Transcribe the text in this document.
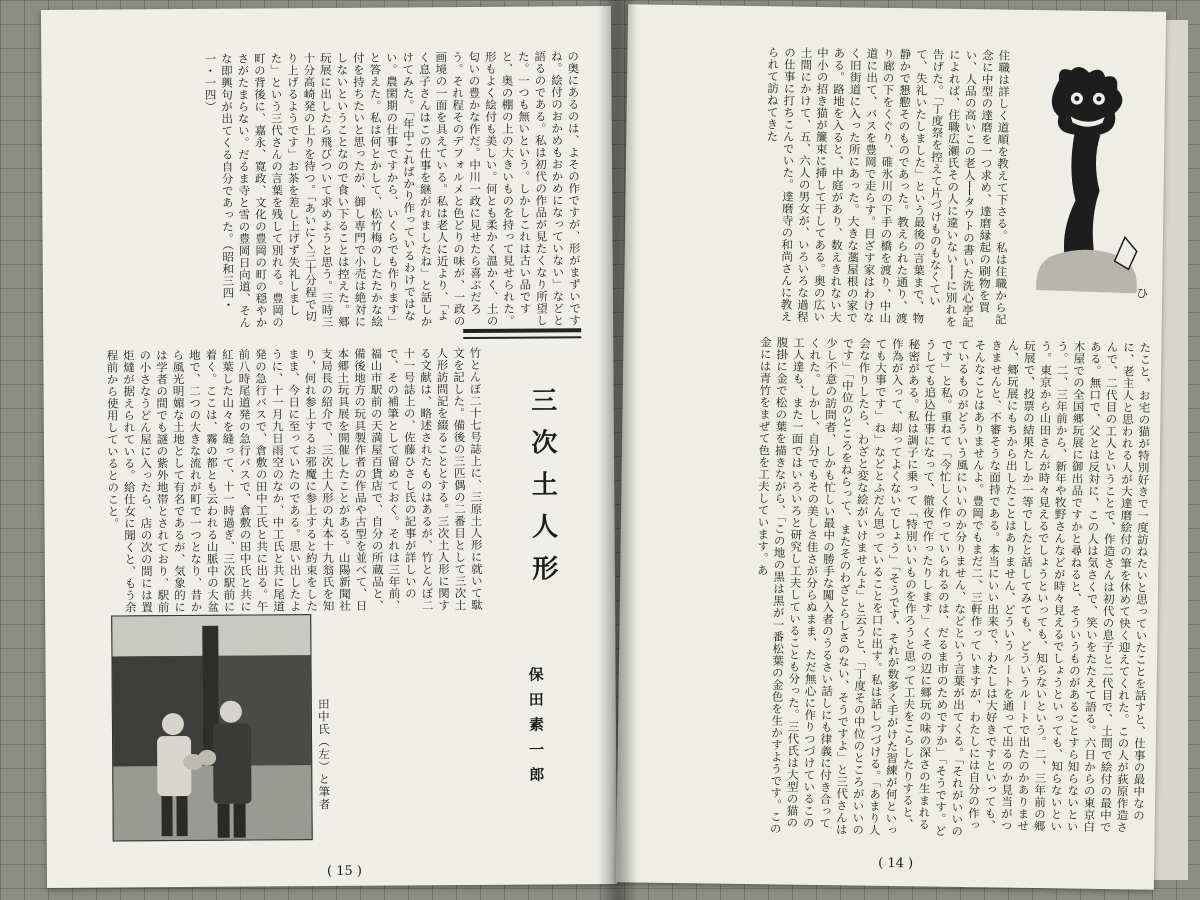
の奥にあるのは、よその作ですが、形がまずいですね。絵付のおかめもおかめになっていない」などと語るのである。私は初代の作品が見たくなり所望した。一つも無いという。しかしこれは古い品ですと、奥の棚の上の大きいものを持って見せられた。形もよく絵付も美しい。何とも柔かく温かく、土の匂いの豊かな作だ。中川一政に見せたら喜ぶだろう。それ程そのデフォルメと色どりの味が、一政の画境の一面を具えている。私は老人に近より、「よく息子さんはこの仕事を継がれましたね」と話しかけてみた。「年中こればかり作っているわけではない。農閑期の仕事ですから、いくらでも作ります」と答えた。私は何とかして、松竹梅のしたたかな絵付を持ちたいと思ったが、御し専門で小売は絶対にしないということなので食い下ることは控えた。郷玩展に出したら飛びついて求めようと思う。三時三十分高崎発の上りを待つ。「あいにく三十分程で切り上げるようです」お茶を差し上げず失礼しました」という三代さんの言葉を残して別れる。豊岡の町の背後に、嘉永、寛政、文化の豊岡の町の穏やかさがたまらない。だるま寺と雪の豊岡日向道、そんな即興句が出てくる自分であった。（昭和三四・一・一四）
三次土人形
保田素一郎
竹とんぼ二十七号誌上に、三原土人形に就いて駄文を記した。備後の三匹偶の二番目として三次土人形訪問記を綴ることとする。三次土人形に関する文献は、略述されたものはあるが、竹とんぼ二十一号誌上の、佐藤ひさし氏の記事が詳しいので、その補筆として留めておく。それは三年前、福山市駅前の天満屋百貨店で、自分の所蔵品と、備後地方の玩具製作者の作品や古型を並べて、日本郷土玩具展を開催したことがある。山陽新聞社支局長の紹介で、三次土人形の丸本十九翁氏を知り、何れ参上するお邪魔に参上すると約束をしたまま、今日に至っていたのである。思い出したように、十一月九日雨空のなか、中工氏と共に尾道発の急行バスで、倉敷の田中工氏と共に出る。午前八時尾道発の急行バスで、倉敷の田中氏と共に紅葉した山々を縫って、十一時過ぎ、三次駅前に着く。ここは、霧の都とも云われる山脈中の大盆地で、二つの大きな流れが町で一つとなり、昔から風光明媚な土地として有名であるが、気象的には学者の間でも謎の紫外地帯とされており、駅前の小さなうどん屋に入ったら、店の次の間には置炬燵が据えられている。給仕女に聞くと、もう余程前から使用しているとのこと。
田中氏（左）と筆者
( 15 )
住職は詳しく道順を教えて下さる。私は住職から記念に中型の達磨を一つ求め、達磨縁起の刷物を買い、人品の高いこの老人──タウトの書いた洗心亭記によれば、住職広瀬氏その人に違いない──に別れを告げた。「丁度祭を控えて片づけものもなくていて、失礼いたしました」という最後の言葉まで、物静かで懇懃そのものであった。教えられた通り、渡り廊の下をくぐり、碓氷川の下手の橋を渡り、中山道に出て、バスを豊岡で走らす。目ざす家はわけなく旧街道に入った所にあった。大きな藁屋根の家である。路地を入ると、中庭があり、数えきれない大中小の招き猫が簾束に挿して干してある。奥の広い土間にかけて、五、六人の男女が、いろいろな過程の仕事に打ちこんでいた。達磨寺の和尚さんに教えられて訪ねてきた
ひ
たこと、お宅の猫が特別好きで一度訪ねたいと思っていたことを話すと、仕事の最中なのに、老主人と思われる人が大達磨絵付の筆を休めて快く迎えてくれた。この人が荻原作造さんで、二代目の工人ということで、作造さんは初代の息子と二代目で、土間で絵付の最中である。無口で、父とは反対に、この人は気さくで、笑いをたたえて語る。六日からの東京白木屋での全国郷玩展に御出品ですかと尋ねると、そういうものがあることすら知らないという。二、三年前から、新年や牧野さんなどが時々見えるでしょうといっても、知らないという。東京から山田さんが時々見えるでしょうといっても、知らないという。二、三年前の郷玩展で、投票の結果たしか一等でしたと話してみても、どういうルートで出たのかありません、郷玩展にもちから出したことはありません、どういうルートを通って出るのか見当がつきませんと、不審そうな面持である。本当にいい出来で、わたしは大好きですといっても、そんなことはありませんよ。豊岡でもまだ二、三軒作っていますが、わたしには自分の作っているものがどういう風にいいのか分りません、などという言葉が出てくる。「それがいいのです」と私。重ねて「今忙しく作っていられるのは、だるま市のためですか」「そうです。どうしても追込仕事になって、徹夜で作ったりします」くその辺に郷玩の味の深さの生まれる秘密がある。私は調子に乗って「特別いいものを作ろうと思って工夫をこらしたりすると、作為が入って、却ってよくないでしょう」「そうです、それが数多く手がけた習練が何といっても大事です」ね」などとふだん思っていることを口に出す。私は話しつづける。「あまり人会な作りしたら、わざと変な絵がいけませんよ」と云うと、「丁度その中位のところがいいのです」「中位のところをねらって、またそのわざとらしさのない、そうですよ」と三代さんは少し不意の訪問者、しかも忙しい最中の勝手な闖入者のうるさい話しにも律義に付き合ってくれた。しかし、自分でもその美しさ佳さが分らぬまま、ただ無心に作りつづけているこの工人達も、また一面ではいろいろと研究し工夫していることも分った。三代氏は大型の猫の腹掛に金で松の葉を描きながら、「この地の黒は黒が一番松葉の金色を生かすようです。この金には青竹をまぜて色を工夫しています。あ
( 14 )
